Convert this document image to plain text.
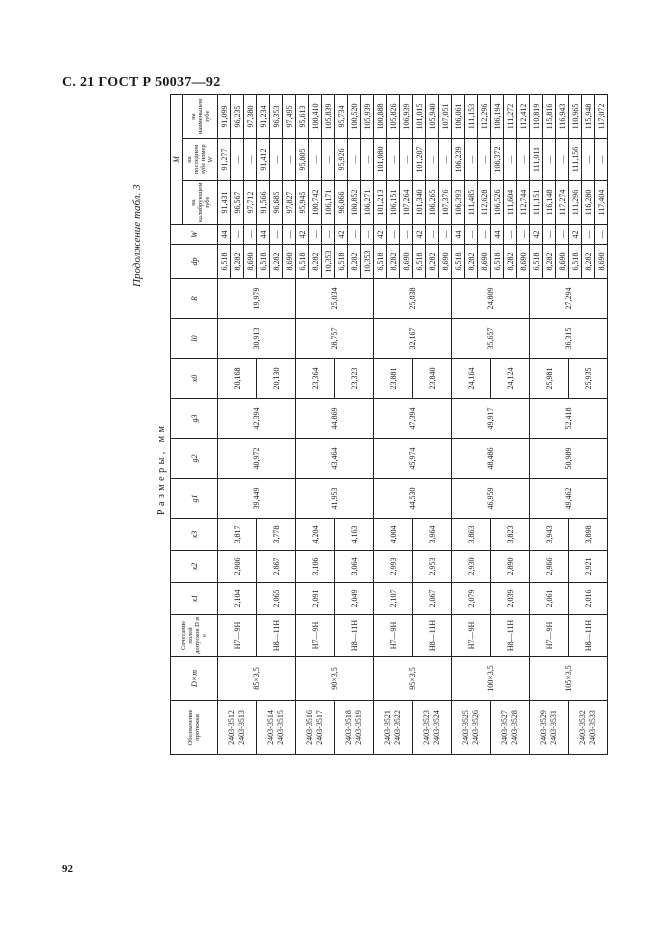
С. 21 ГОСТ Р 50037—92
Продолжение табл. 3
Размеры, мм
Обозначение протяжки	D×m	Сочетание полей допусков D и е	x1	x2	x3	g1	g2	g3	x0	l0	R	dp	W	M		
														на калибрующем зубе	на последнем зубе номер W	на наименьшем зубе

2403-3512 2403-3513	85×3,5	H7—9H	2,104	2,906	3,817	39,449	40,972	42,394	20,168	30,913	19,979	6,518	44	91,431	91,277	91,099
												8,282	—	96,567	—	96,235
												8,690	—	97,712	—	97,380

2403-3514 2403-3515		H8—11H	2,065	2,867	3,778				20,130			6,518	44	91,566	91,412	91,234
												8,282	—	96,685	—	96,353
												8,690	—	97,827	—	97,495

2403-3516 2403-3517	90×3,5	H7—9H	2,091	3,106	4,204	41,953	43,464	44,869	23,364	28,757	25,034	6,518	42	95,945	95,805	95,613
												8,282	—	100,742	—	100,410
												10,353	—	106,171	—	105,839

2403-3518 2403-3519		H8—11H	2,049	3,064	4,163				23,323			6,518	42	96,066	95,926	95,734
												8,282	—	100,852	—	100,520
												10,353	—	106,271	—	105,939

2403-3521 2403-3522	95×3,5	H7—9H	2,107	2,993	4,004	44,530	45,974	47,394	23,881	32,167	25,038	6,518	42	101,213	101,080	100,888
												8,282	—	106,151	—	105,826
												8,690	—	107,264	—	106,939

2403-3523 2403-3524		H8—11H	2,067	2,953	3,964				23,840			6,518	42	101,340	101,207	101,015
												8,282	—	106,265	—	105,940
												8,690	—	107,376	—	107,051

2403-3525 2403-3526	100×3,5	H7—9H	2,079	2,930	3,863	46,959	48,486	49,917	24,164	35,657	24,809	6,518	44	106,393	106,239	106,061
												8,282	—	111,485	—	111,153
												8,690	—	112,628	—	112,296

2403-3527 2403-3528		H8—11H	2,039	2,890	3,823				24,124			6,518	44	106,526	106,372	106,194
												8,282	—	111,604	—	111,272
												8,690	—	112,744	—	112,412

2403-3529 2403-3531	105×3,5	H7—9H	2,061	2,966	3,943	49,462	50,989	52,418	25,981	36,315	27,294	6,518	42	111,151	111,011	110,819
												8,282	—	116,148	—	115,816
												8,690	—	117,274	—	116,943

2403-3532 2403-3533		H8—11H	2,016	2,921	3,898				25,935			6,518	42	111,296	111,156	110,965
												8,282	—	116,280	—	115,948
												8,690	—	117,404	—	117,072
92
